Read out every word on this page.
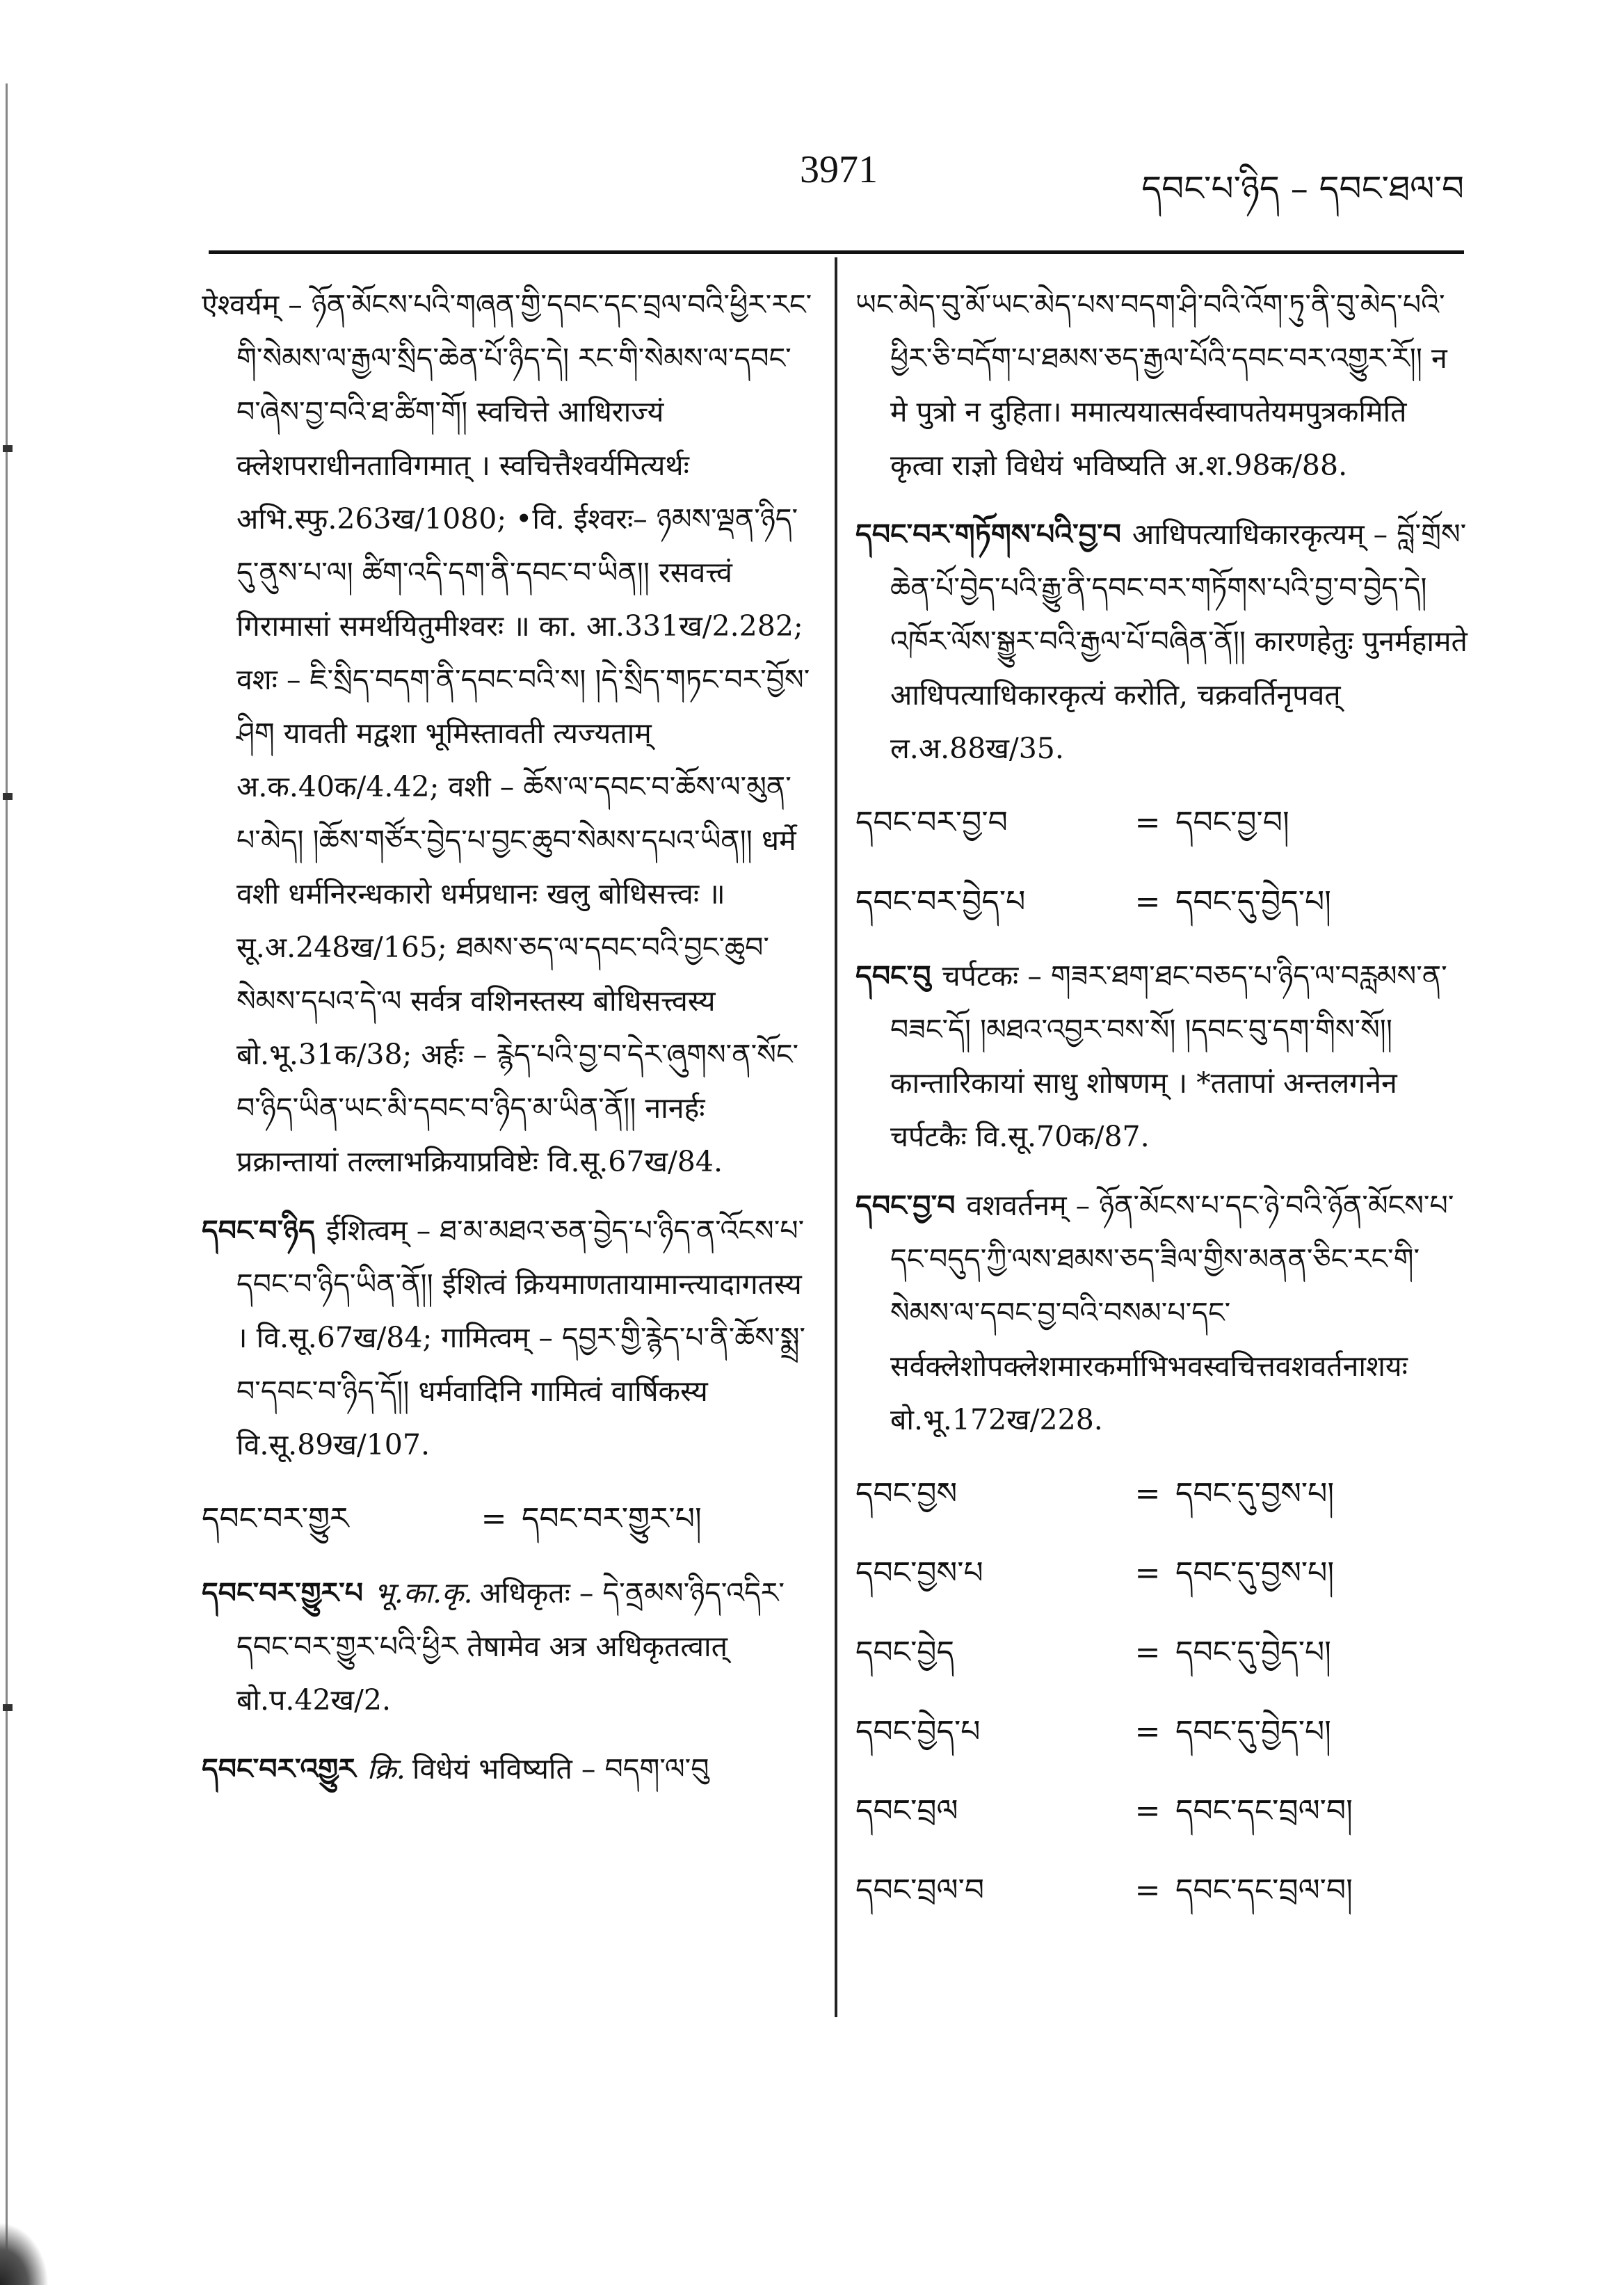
3971	དབང་པ་ཉིད – དབང་ཐལ་བ
ऐश्वर्यम् – ཉོན་མོངས་པའི་གཞན་གྱི་དབང་དང་བྲལ་བའི་ཕྱིར་རང་གི་སེམས་ལ་རྒྱལ་སྲིད་ཆེན་པོ་ཉིད་དེ། རང་གི་སེམས་ལ་དབང་བ་ཞེས་བྱ་བའི་ཐ་ཚིག་གོ། स्वचित्ते आधिराज्यं क्लेशपराधीनताविगमात् । स्वचित्तैश्वर्यमित्यर्थः अभि.स्फु.263ख/1080; •वि. ईश्वरः– ཉམས་ལྡན་ཉིད་དུ་ནུས་པ་ལ། ཚིག་འདི་དག་ནི་དབང་བ་ཡིན།། रसवत्त्वं गिरामासां समर्थयितुमीश्वरः ॥ का. आ.331ख/2.282; वशः – ཇི་སྲིད་བདག་ནི་དབང་བའི་ས། །དེ་སྲིད་གཏང་བར་བྱོས་ཤིག यावती मद्वशा भूमिस्तावती त्यज्यताम् अ.क.40क/4.42; वशी – ཆོས་ལ་དབང་བ་ཆོས་ལ་མུན་པ་མེད། །ཆོས་གཙོར་བྱེད་པ་བྱང་ཆུབ་སེམས་དཔའ་ཡིན།། धर्मे वशी धर्मनिरन्धकारो धर्मप्रधानः खलु बोधिसत्त्वः ॥ सू.अ.248ख/165; ཐམས་ཅད་ལ་དབང་བའི་བྱང་ཆུབ་སེམས་དཔའ་དེ་ལ सर्वत्र वशिनस्तस्य बोधिसत्त्वस्य बो.भू.31क/38; अर्हः – རྙེད་པའི་བྱ་བ་དེར་ཞུགས་ན་སོང་བ་ཉིད་ཡིན་ཡང་མི་དབང་བ་ཉིད་མ་ཡིན་ནོ།། नानर्हः प्रक्रान्तायां तल्लाभक्रियाप्रविष्टेः वि.सू.67ख/84.
དབང་བ་ཉིད ईशित्वम् – ཐ་མ་མཐའ་ཅན་བྱེད་པ་ཉིད་ན་འོངས་པ་དབང་བ་ཉིད་ཡིན་ནོ།། ईशित्वं क्रियमाणतायामान्त्यादागतस्य । वि.सू.67ख/84; गामित्वम् – དབྱར་གྱི་རྙེད་པ་ནི་ཆོས་སྨྲ་བ་དབང་བ་ཉིད་དོ།། धर्मवादिनि गामित्वं वार्षिकस्य वि.सू.89ख/107.
དབང་བར་གྱུར	= དབང་བར་གྱུར་པ།
དབང་བར་གྱུར་པ भू.का.कृ. अधिकृतः – དེ་ནྲམས་ཉིད་འདིར་དབང་བར་གྱུར་པའི་ཕྱིར तेषामेव अत्र अधिकृतत्वात् बो.प.42ख/2.
དབང་བར་འགྱུར क्रि. विधेयं भविष्यति – བདག་ལ་བུ
ཡང་མེད་བུ་མོ་ཡང་མེད་པས་བདག་ཤི་བའི་འོག་ཏུ་ནི་བུ་མེད་པའི་ཕྱིར་ཅི་བདོག་པ་ཐམས་ཅད་རྒྱལ་པོའི་དབང་བར་འགྱུར་རོ།། न मे पुत्रो न दुहिता। ममात्ययात्सर्वस्वापतेयमपुत्रकमिति कृत्वा राज्ञो विधेयं भविष्यति अ.श.98क/88.
དབང་བར་གཏོགས་པའི་བྱ་བ आधिपत्याधिकारकृत्यम् – བློ་གྲོས་ཆེན་པོ་བྱེད་པའི་རྒྱུ་ནི་དབང་བར་གཏོགས་པའི་བྱ་བ་བྱེད་དེ། འཁོར་ལོས་སྒྱུར་བའི་རྒྱལ་པོ་བཞིན་ནོ།། कारणहेतुः पुनर्महामते आधिपत्याधिकारकृत्यं करोति, चक्रवर्तिनृपवत् ल.अ.88ख/35.
དབང་བར་བྱ་བ	= དབང་བྱ་བ།
དབང་བར་བྱེད་པ	= དབང་དུ་བྱེད་པ།
དབང་བུ चर्पटकः – གཟར་ཐག་ཐང་བཅད་པ་ཉིད་ལ་བརླམས་ན་བཟང་དོ། །མཐའ་འབྱར་བས་སོ། །དབང་བུ་དག་གིས་སོ།། कान्तारिकायां साधु शोषणम् । *ततापां अन्तलगनेन चर्पटकैः वि.सू.70क/87.
དབང་བྱ་བ वशवर्तनम् – ཉོན་མོངས་པ་དང་ཉེ་བའི་ཉོན་མོངས་པ་དང་བདུད་ཀྱི་ལས་ཐམས་ཅད་ཟིལ་གྱིས་མནན་ཅིང་རང་གི་སེམས་ལ་དབང་བྱ་བའི་བསམ་པ་དང་ सर्वक्लेशोपक्लेशमारकर्माभिभवस्वचित्तवशवर्तनाशयः बो.भू.172ख/228.
དབང་བྱས	= དབང་དུ་བྱས་པ།
དབང་བྱས་པ	= དབང་དུ་བྱས་པ།
དབང་བྱེད	= དབང་དུ་བྱེད་པ།
དབང་བྱེད་པ	= དབང་དུ་བྱེད་པ།
དབང་བྲལ	= དབང་དང་བྲལ་བ།
དབང་བྲལ་བ	= དབང་དང་བྲལ་བ།
